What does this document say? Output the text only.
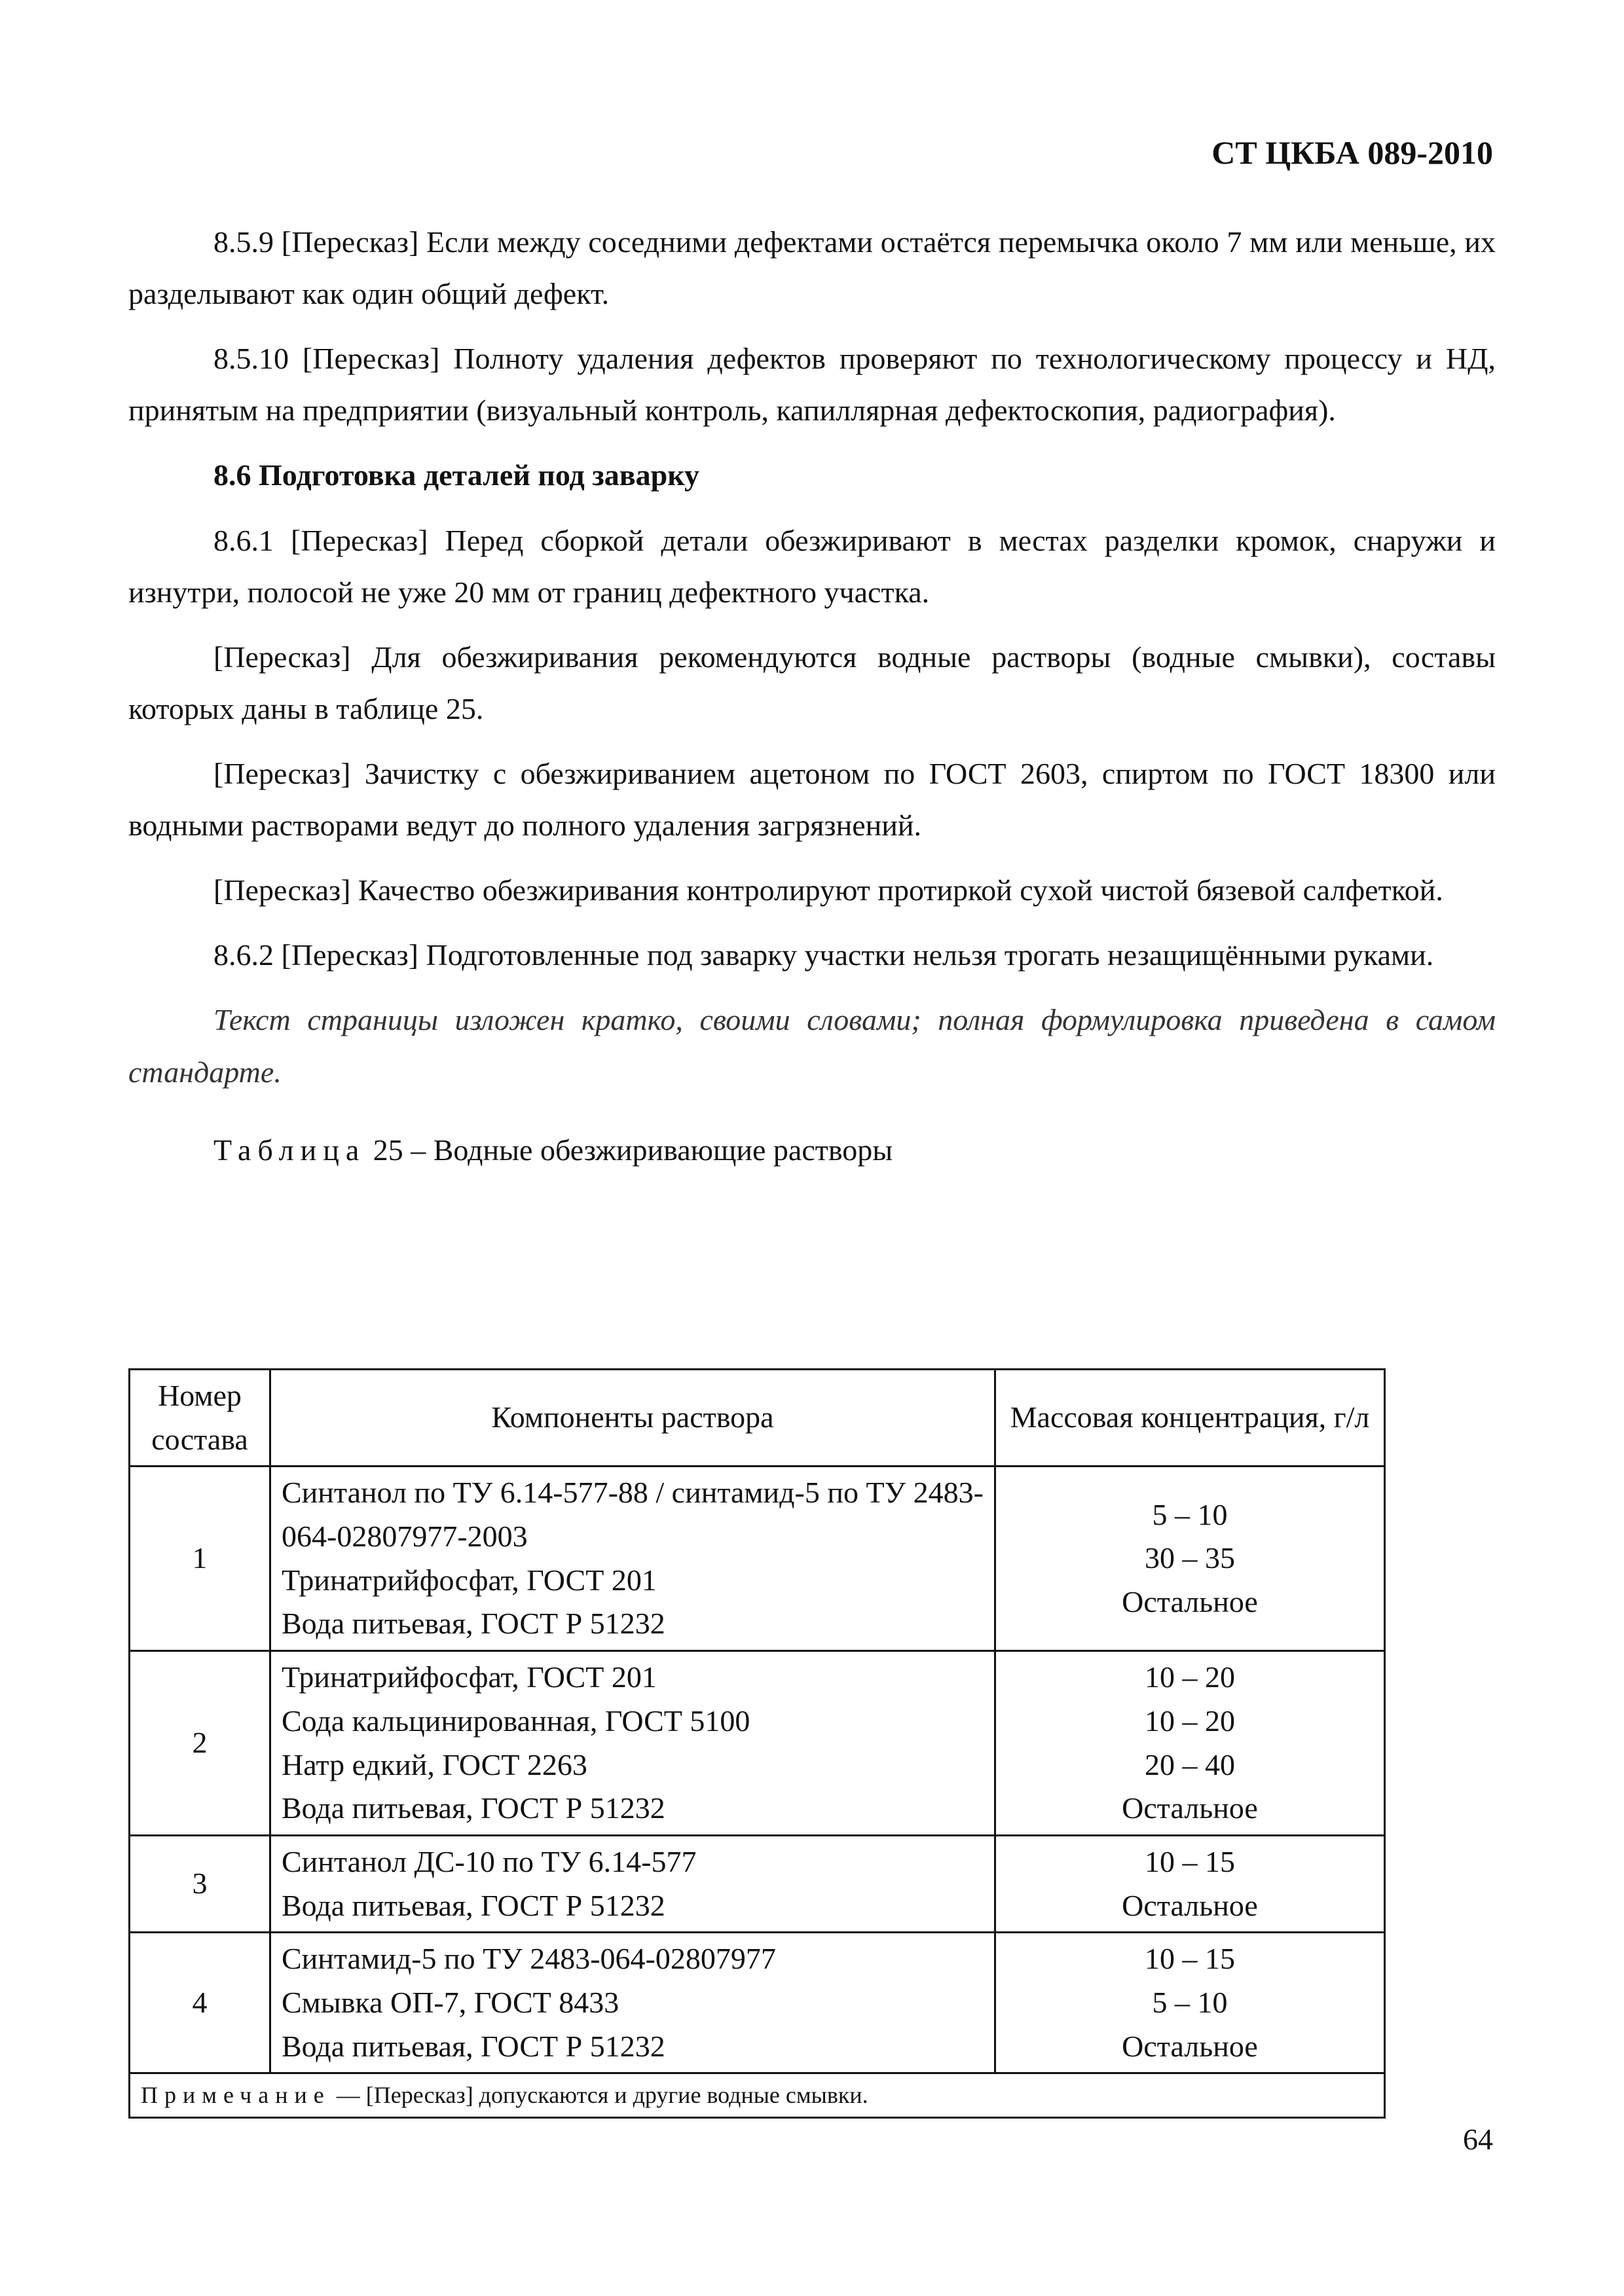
СТ ЦКБА 089-2010

8.5.9 [Пересказ] Если между соседними дефектами остаётся перемычка около 7 мм или меньше, их разделывают как один общий дефект.

8.5.10 [Пересказ] Полноту удаления дефектов проверяют по технологическому процессу и НД, принятым на предприятии (визуальный контроль, капиллярная дефектоскопия, радиография).

8.6 Подготовка деталей под заварку

8.6.1 [Пересказ] Перед сборкой детали обезжиривают в местах разделки кромок, снаружи и изнутри, полосой не уже 20 мм от границ дефектного участка.

[Пересказ] Для обезжиривания рекомендуются водные растворы (водные смывки), составы которых даны в таблице 25.

[Пересказ] Зачистку с обезжириванием ацетоном по ГОСТ 2603, спиртом по ГОСТ 18300 или водными растворами ведут до полного удаления загрязнений.

[Пересказ] Качество обезжиривания контролируют протиркой сухой чистой бязевой салфеткой.

8.6.2 [Пересказ] Подготовленные под заварку участки нельзя трогать незащищёнными руками.

Текст страницы изложен кратко, своими словами; полная формулировка приведена в самом стандарте.

Таблица 25 – Водные обезжиривающие растворы
Номер состава	Компоненты раствора	Массовая концентрация, г/л
1	Синтанол по ТУ 6.14-577-88 / синтамид-5 по ТУ 2483-064-02807977-2003
Тринатрийфосфат, ГОСТ 201
Вода питьевая, ГОСТ Р 51232	5 – 10
30 – 35
Остальное

2	Тринатрийфосфат, ГОСТ 201
Сода кальцинированная, ГОСТ 5100
Натр едкий, ГОСТ 2263
Вода питьевая, ГОСТ Р 51232	10 – 20
10 – 20
20 – 40
Остальное

3	Синтанол ДС-10 по ТУ 6.14-577
Вода питьевая, ГОСТ Р 51232	10 – 15
Остальное

4	Синтамид-5 по ТУ 2483-064-02807977
Смывка ОП-7, ГОСТ 8433
Вода питьевая, ГОСТ Р 51232	10 – 15
5 – 10
Остальное

Примечание — [Пересказ] допускаются и другие водные смывки.		
64
